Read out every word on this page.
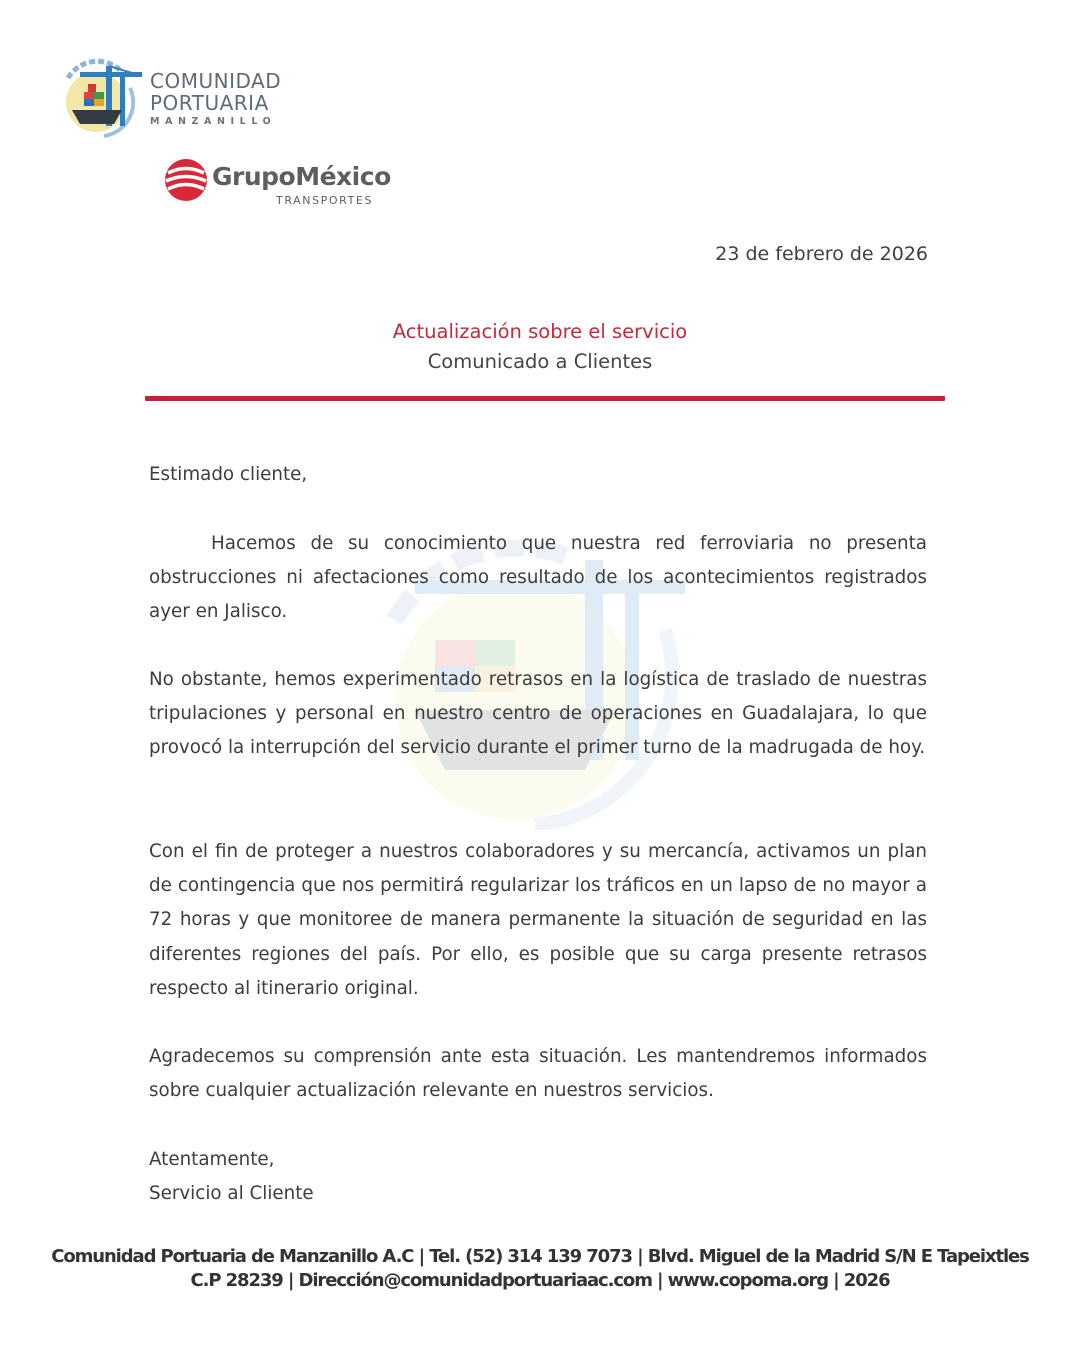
COMUNIDAD
PORTUARIA
MANZANILLO
GrupoMéxico
TRANSPORTES
23 de febrero de 2026
Actualización sobre el servicio
Comunicado a Clientes

Estimado cliente,

Hacemos de su conocimiento que nuestra red ferroviaria no presenta obstrucciones ni afectaciones como resultado de los acontecimientos registrados ayer en Jalisco.

No obstante, hemos experimentado retrasos en la logística de traslado de nuestras tripulaciones y personal en nuestro centro de operaciones en Guadalajara, lo que provocó la interrupción del servicio durante el primer turno de la madrugada de hoy.

Con el fin de proteger a nuestros colaboradores y su mercancía, activamos un plan de contingencia que nos permitirá regularizar los tráficos en un lapso de no mayor a 72 horas y que monitoree de manera permanente la situación de seguridad en las diferentes regiones del país. Por ello, es posible que su carga presente retrasos respecto al itinerario original.

Agradecemos su comprensión ante esta situación. Les mantendremos informados sobre cualquier actualización relevante en nuestros servicios.

Atentamente,
Servicio al Cliente
Comunidad Portuaria de Manzanillo A.C | Tel. (52) 314 139 7073 | Blvd. Miguel de la Madrid S/N E Tapeixtles
C.P 28239 | Dirección@comunidadportuariaac.com | www.copoma.org | 2026
